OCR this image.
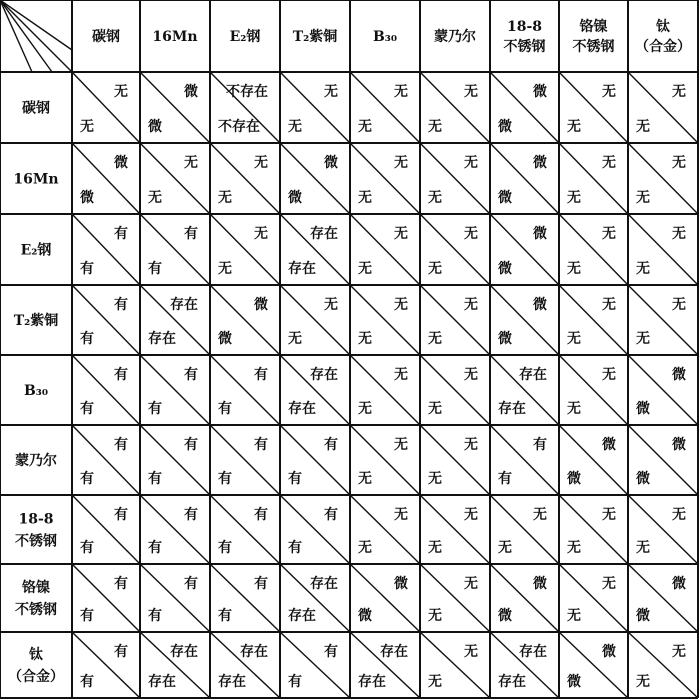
碳钢 16Mn E₂钢 T₂紫铜	B₃₀	蒙乃尔
18-8
不锈钢
铬镍
不锈钢
钛
（合金）
碳钢
无
无
微
微
不存在
不存在
无
无
无
无
无
无
微
微
无
无
无
无
16Mn
微
微
无
无
无
无
微
微
无
无
无
无
微
微
无
无
无
无
E₂钢
有
有
有
有
无
无
存在
存在
无
无
无
无
微
微
无
无
无
无
T₂紫铜
有
有
存在
存在
微
微
无
无
无
无
无
无
微
微
无
无
无
无
B₃₀
有
有
有
有
有
有
存在
存在
无
无
无
无
存在
存在
无
无
微
微
蒙乃尔
有
有
有
有
有
有
有
有
无
无
无
无
有
有
微
微
微
微
18-8
不锈钢
有
有
有
有
有
有
有
有
无
无
无
无
无
无
无
无
无
无
铬镍
不锈钢
有
有
有
有
有
有
存在
存在
微
微
无
无
微
微
无
无
微
微
钛
（合金）
有
有
存在
存在
存在
存在
有
有
存在
存在
无
无
存在
存在
微
微
无
无
